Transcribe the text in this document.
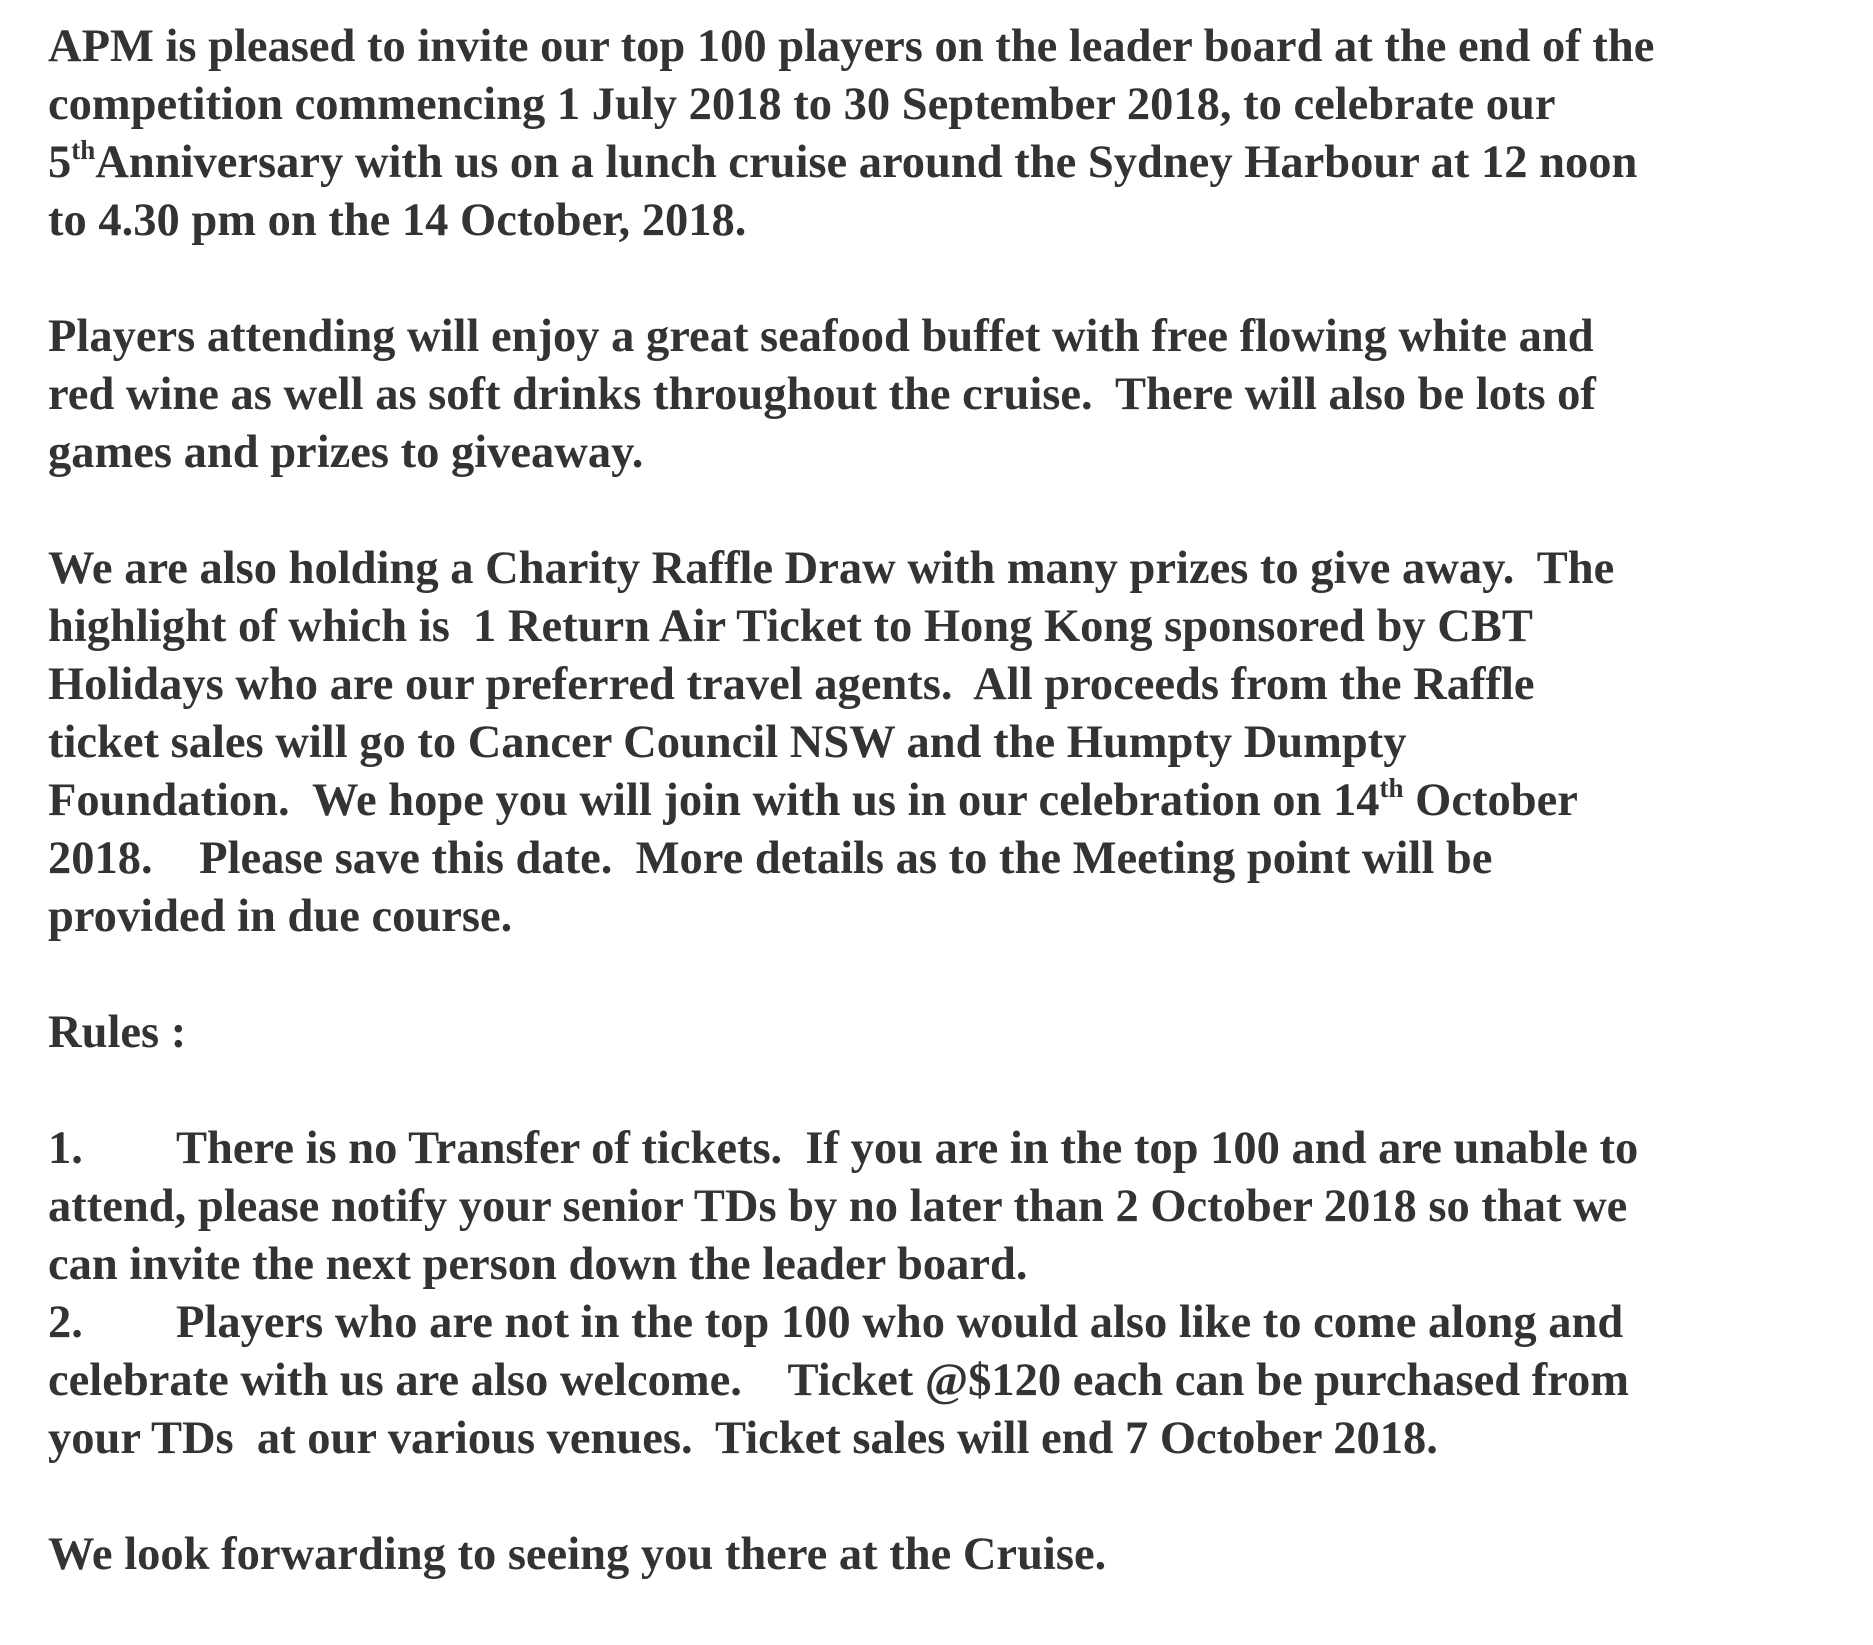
APM is pleased to invite our top 100 players on the leader board at the end of the
competition commencing 1 July 2018 to 30 September 2018, to celebrate our
5thAnniversary with us on a lunch cruise around the Sydney Harbour at 12 noon
to 4.30 pm on the 14 October, 2018.
Players attending will enjoy a great seafood buffet with free flowing white and
red wine as well as soft drinks throughout the cruise.  There will also be lots of
games and prizes to giveaway.
We are also holding a Charity Raffle Draw with many prizes to give away.  The
highlight of which is  1 Return Air Ticket to Hong Kong sponsored by CBT
Holidays who are our preferred travel agents.  All proceeds from the Raffle
ticket sales will go to Cancer Council NSW and the Humpty Dumpty
Foundation.  We hope you will join with us in our celebration on 14th October
2018.    Please save this date.  More details as to the Meeting point will be
provided in due course.
Rules :
1. There is no Transfer of tickets.  If you are in the top 100 and are unable to
attend, please notify your senior TDs by no later than 2 October 2018 so that we
can invite the next person down the leader board.
2. Players who are not in the top 100 who would also like to come along and
celebrate with us are also welcome.    Ticket @$120 each can be purchased from
your TDs  at our various venues.  Ticket sales will end 7 October 2018.
We look forwarding to seeing you there at the Cruise.
